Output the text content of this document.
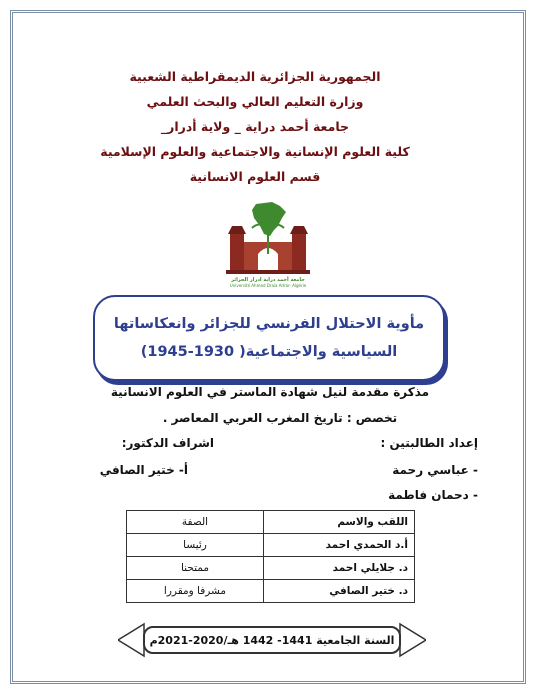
الجمهورية الجزائرية الديمقراطية الشعبية
وزارة التعليم العالي والبحث العلمي
جامعة أحمد دراية _ ولاية أدرار_
كلية العلوم الإنسانية والاجتماعية والعلوم الإسلامية
قسم العلوم الانسانية
جامعة أحمد دراية ادرار الجزائر
Université Ahmed Draia Adrar- Algérie
مأوية الاحتلال الفرنسي للجزائر وانعكاساتها
السياسية والاجتماعية( 1930-1945)
مذكرة مقدمة لنيل شهادة الماستر في العلوم الانسانية
تخصص : تاريخ المغرب العربي المعاصر .
إعداد الطالبتين :
اشراف الدكتور:
- عباسي رحمة
أ- ختير الصافي
- دحمان فاطمة
اللقب والاسم	الصفة
أ.د الحمدي احمد	رئيسا
د. جلايلي احمد	ممتحنا
د. ختير الصافي	مشرفا ومقررا
السنة الجامعية 1441- 1442 هـ/2020-2021م
